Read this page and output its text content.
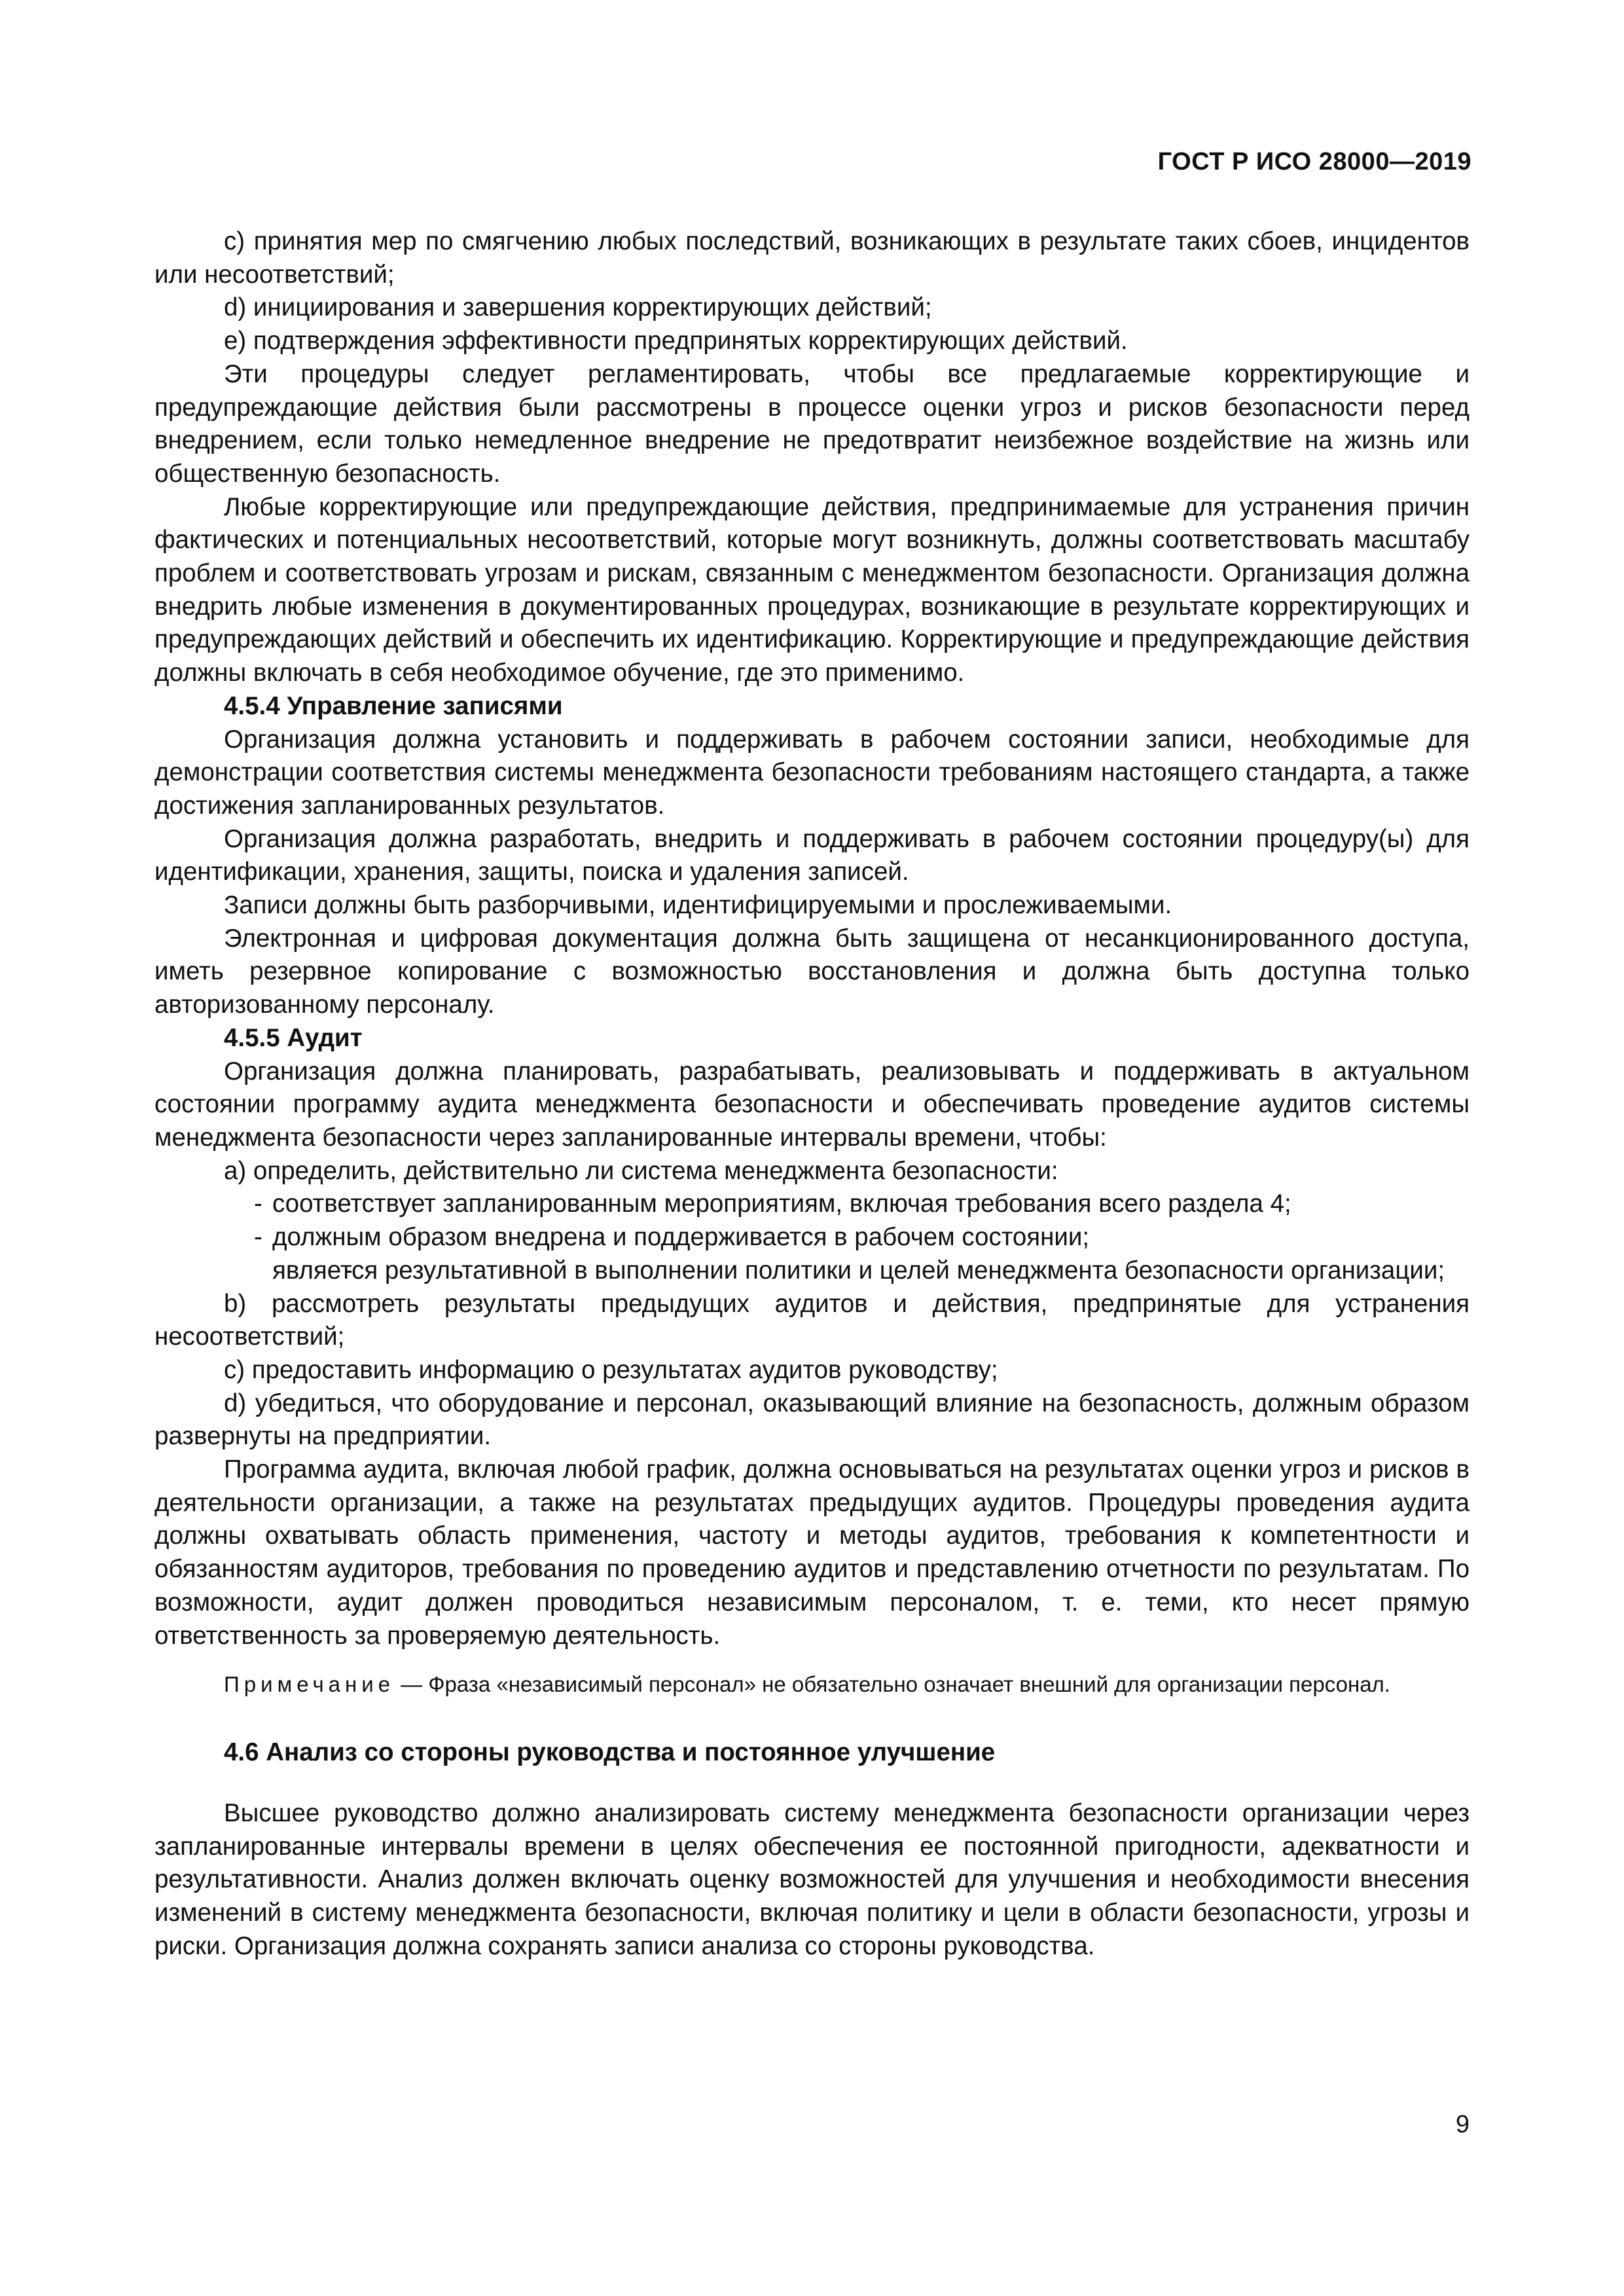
ГОСТ Р ИСО 28000—2019

c) принятия мер по смягчению любых последствий, возникающих в результате таких сбоев, инцидентов или несоответствий;

d) инициирования и завершения корректирующих действий;

e) подтверждения эффективности предпринятых корректирующих действий.

Эти процедуры следует регламентировать, чтобы все предлагаемые корректирующие и предупреждающие действия были рассмотрены в процессе оценки угроз и рисков безопасности перед внедрением, если только немедленное внедрение не предотвратит неизбежное воздействие на жизнь или общественную безопасность.

Любые корректирующие или предупреждающие действия, предпринимаемые для устранения причин фактических и потенциальных несоответствий, которые могут возникнуть, должны соответствовать масштабу проблем и соответствовать угрозам и рискам, связанным с менеджментом безопасности. Организация должна внедрить любые изменения в документированных процедурах, возникающие в результате корректирующих и предупреждающих действий и обеспечить их идентификацию. Корректирующие и предупреждающие действия должны включать в себя необходимое обучение, где это применимо.

4.5.4 Управление записями

Организация должна установить и поддерживать в рабочем состоянии записи, необходимые для демонстрации соответствия системы менеджмента безопасности требованиям настоящего стандарта, а также достижения запланированных результатов.

Организация должна разработать, внедрить и поддерживать в рабочем состоянии процедуру(ы) для идентификации, хранения, защиты, поиска и удаления записей.

Записи должны быть разборчивыми, идентифицируемыми и прослеживаемыми.

Электронная и цифровая документация должна быть защищена от несанкционированного доступа, иметь резервное копирование с возможностью восстановления и должна быть доступна только авторизованному персоналу.

4.5.5 Аудит

Организация должна планировать, разрабатывать, реализовывать и поддерживать в актуальном состоянии программу аудита менеджмента безопасности и обеспечивать проведение аудитов системы менеджмента безопасности через запланированные интервалы времени, чтобы:

a) определить, действительно ли система менеджмента безопасности:

- соответствует запланированным мероприятиям, включая требования всего раздела 4;

- должным образом внедрена и поддерживается в рабочем состоянии;

- является результативной в выполнении политики и целей менеджмента безопасности организации;

b) рассмотреть результаты предыдущих аудитов и действия, предпринятые для устранения несоответствий;

c) предоставить информацию о результатах аудитов руководству;

d) убедиться, что оборудование и персонал, оказывающий влияние на безопасность, должным образом развернуты на предприятии.

Программа аудита, включая любой график, должна основываться на результатах оценки угроз и рисков в деятельности организации, а также на результатах предыдущих аудитов. Процедуры проведения аудита должны охватывать область применения, частоту и методы аудитов, требования к компетентности и обязанностям аудиторов, требования по проведению аудитов и представлению отчетности по результатам. По возможности, аудит должен проводиться независимым персоналом, т. е. теми, кто несет прямую ответственность за проверяемую деятельность.

Примечание — Фраза «независимый персонал» не обязательно означает внешний для организации персонал.

4.6 Анализ со стороны руководства и постоянное улучшение

Высшее руководство должно анализировать систему менеджмента безопасности организации через запланированные интервалы времени в целях обеспечения ее постоянной пригодности, адекватности и результативности. Анализ должен включать оценку возможностей для улучшения и необходимости внесения изменений в систему менеджмента безопасности, включая политику и цели в области безопасности, угрозы и риски. Организация должна сохранять записи анализа со стороны руководства.

9
